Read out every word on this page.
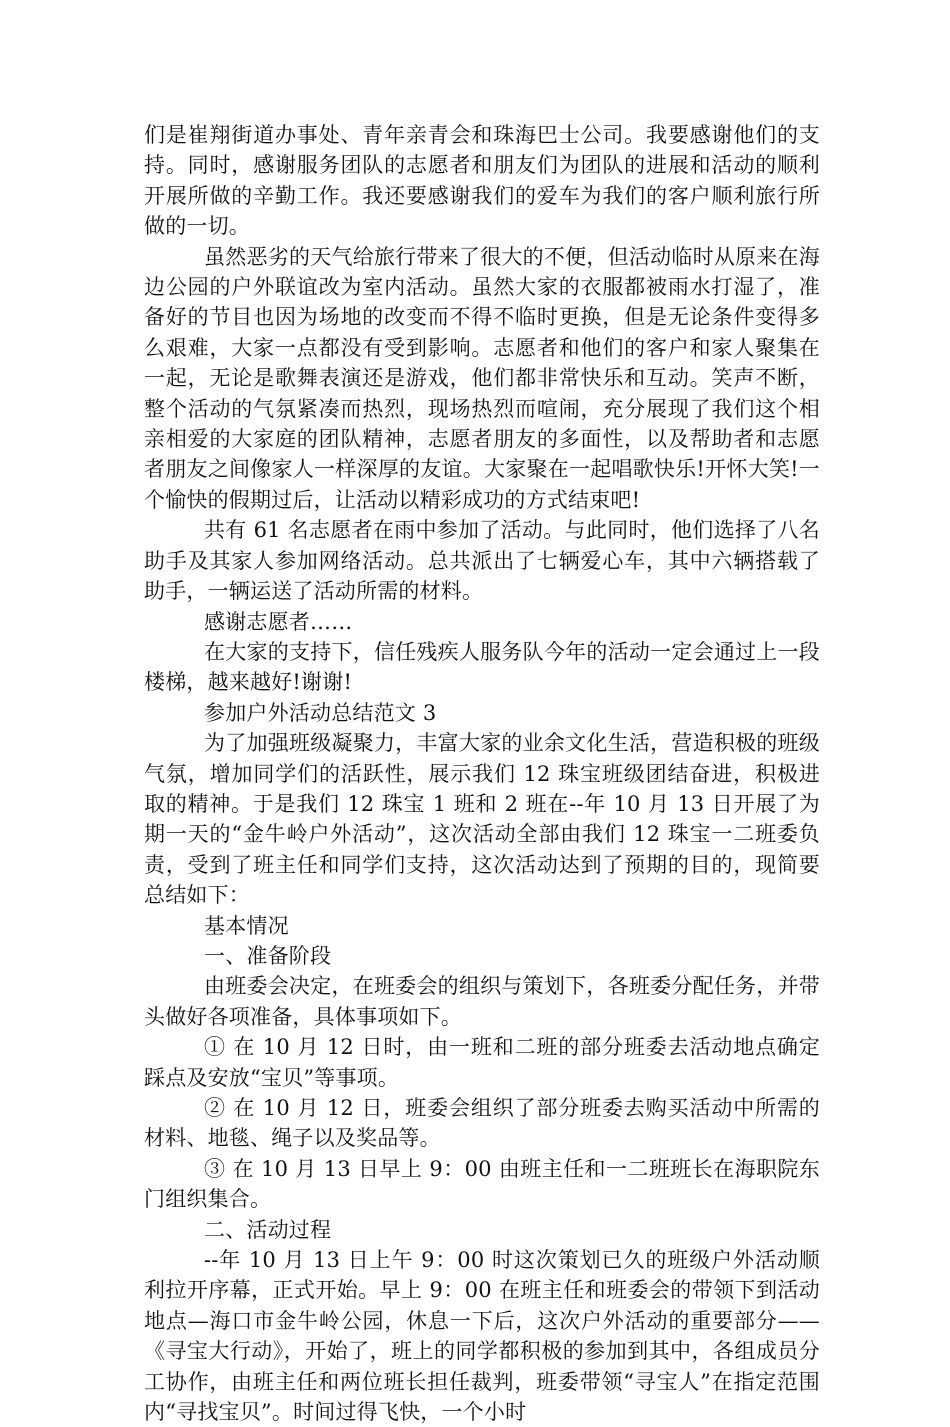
们是崔翔街道办事处、青年亲青会和珠海巴士公司。我要感谢他们的支持。同时，感谢服务团队的志愿者和朋友们为团队的进展和活动的顺利开展所做的辛勤工作。我还要感谢我们的爱车为我们的客户顺利旅行所做的一切。

虽然恶劣的天气给旅行带来了很大的不便，但活动临时从原来在海边公园的户外联谊改为室内活动。虽然大家的衣服都被雨水打湿了，准备好的节目也因为场地的改变而不得不临时更换，但是无论条件变得多么艰难，大家一点都没有受到影响。志愿者和他们的客户和家人聚集在一起，无论是歌舞表演还是游戏，他们都非常快乐和互动。笑声不断，整个活动的气氛紧凑而热烈，现场热烈而喧闹，充分展现了我们这个相亲相爱的大家庭的团队精神，志愿者朋友的多面性，以及帮助者和志愿者朋友之间像家人一样深厚的友谊。大家聚在一起唱歌快乐!开怀大笑!一个愉快的假期过后，让活动以精彩成功的方式结束吧!

共有 61 名志愿者在雨中参加了活动。与此同时，他们选择了八名助手及其家人参加网络活动。总共派出了七辆爱心车，其中六辆搭载了助手，一辆运送了活动所需的材料。

感谢志愿者……

在大家的支持下，信任残疾人服务队今年的活动一定会通过上一段楼梯，越来越好!谢谢!

参加户外活动总结范文 3

为了加强班级凝聚力，丰富大家的业余文化生活，营造积极的班级气氛，增加同学们的活跃性，展示我们 12 珠宝班级团结奋进，积极进取的精神。于是我们 12 珠宝 1 班和 2 班在--年 10 月 13 日开展了为期一天的“金牛岭户外活动”，这次活动全部由我们 12 珠宝一二班委负责，受到了班主任和同学们支持，这次活动达到了预期的目的，现简要总结如下：

基本情况

一、准备阶段

由班委会决定，在班委会的组织与策划下，各班委分配任务，并带头做好各项准备，具体事项如下。

① 在 10 月 12 日时，由一班和二班的部分班委去活动地点确定踩点及安放“宝贝”等事项。

② 在 10 月 12 日，班委会组织了部分班委去购买活动中所需的材料、地毯、绳子以及奖品等。

③ 在 10 月 13 日早上 9：00 由班主任和一二班班长在海职院东门组织集合。

二、活动过程

--年 10 月 13 日上午 9：00 时这次策划已久的班级户外活动顺利拉开序幕，正式开始。早上 9：00 在班主任和班委会的带领下到活动地点—海口市金牛岭公园，休息一下后，这次户外活动的重要部分——《寻宝大行动》，开始了，班上的同学都积极的参加到其中，各组成员分工协作，由班主任和两位班长担任裁判，班委带领“寻宝人”在指定范围内“寻找宝贝”。时间过得飞快，一个小时
